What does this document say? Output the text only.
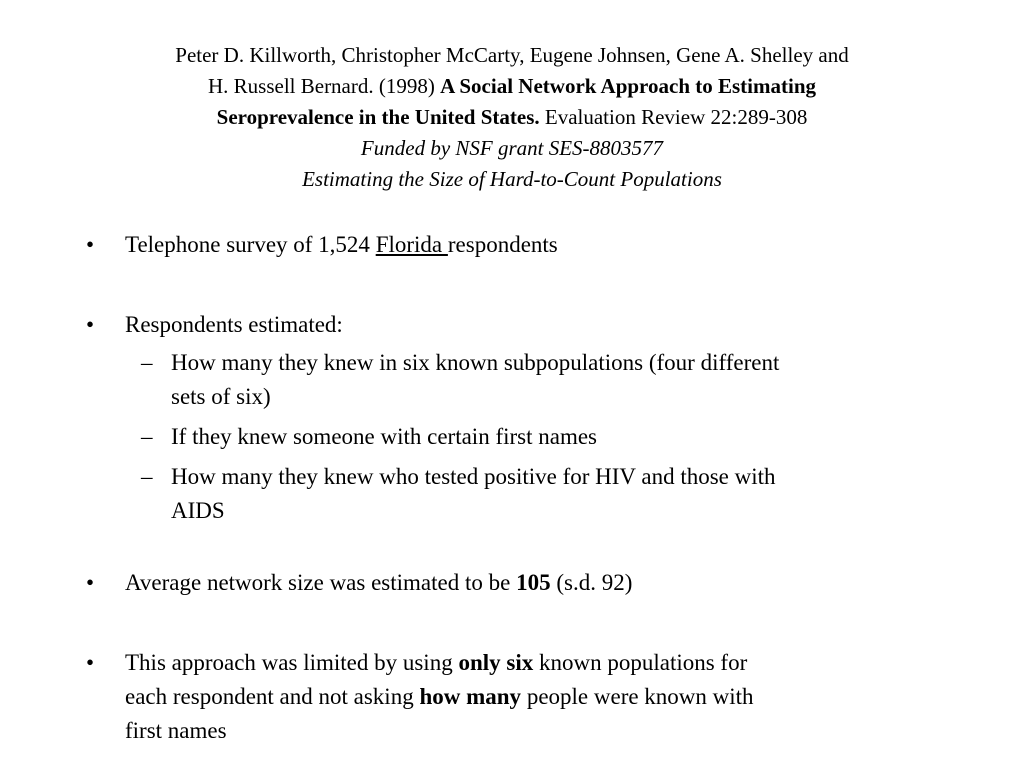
Peter D. Killworth, Christopher McCarty, Eugene Johnsen, Gene A. Shelley and
H. Russell Bernard. (1998) A Social Network Approach to Estimating
Seroprevalence in the United States. Evaluation Review 22:289-308
Funded by NSF grant SES-8803577
Estimating the Size of Hard-to-Count Populations
• Telephone survey of 1,524 Florida respondents
• Respondents estimated:
– How many they knew in six known subpopulations (four different
sets of six)
– If they knew someone with certain first names
– How many they knew who tested positive for HIV and those with
AIDS
• Average network size was estimated to be 105 (s.d. 92)
• This approach was limited by using only six known populations for
each respondent and not asking how many people were known with
first names
